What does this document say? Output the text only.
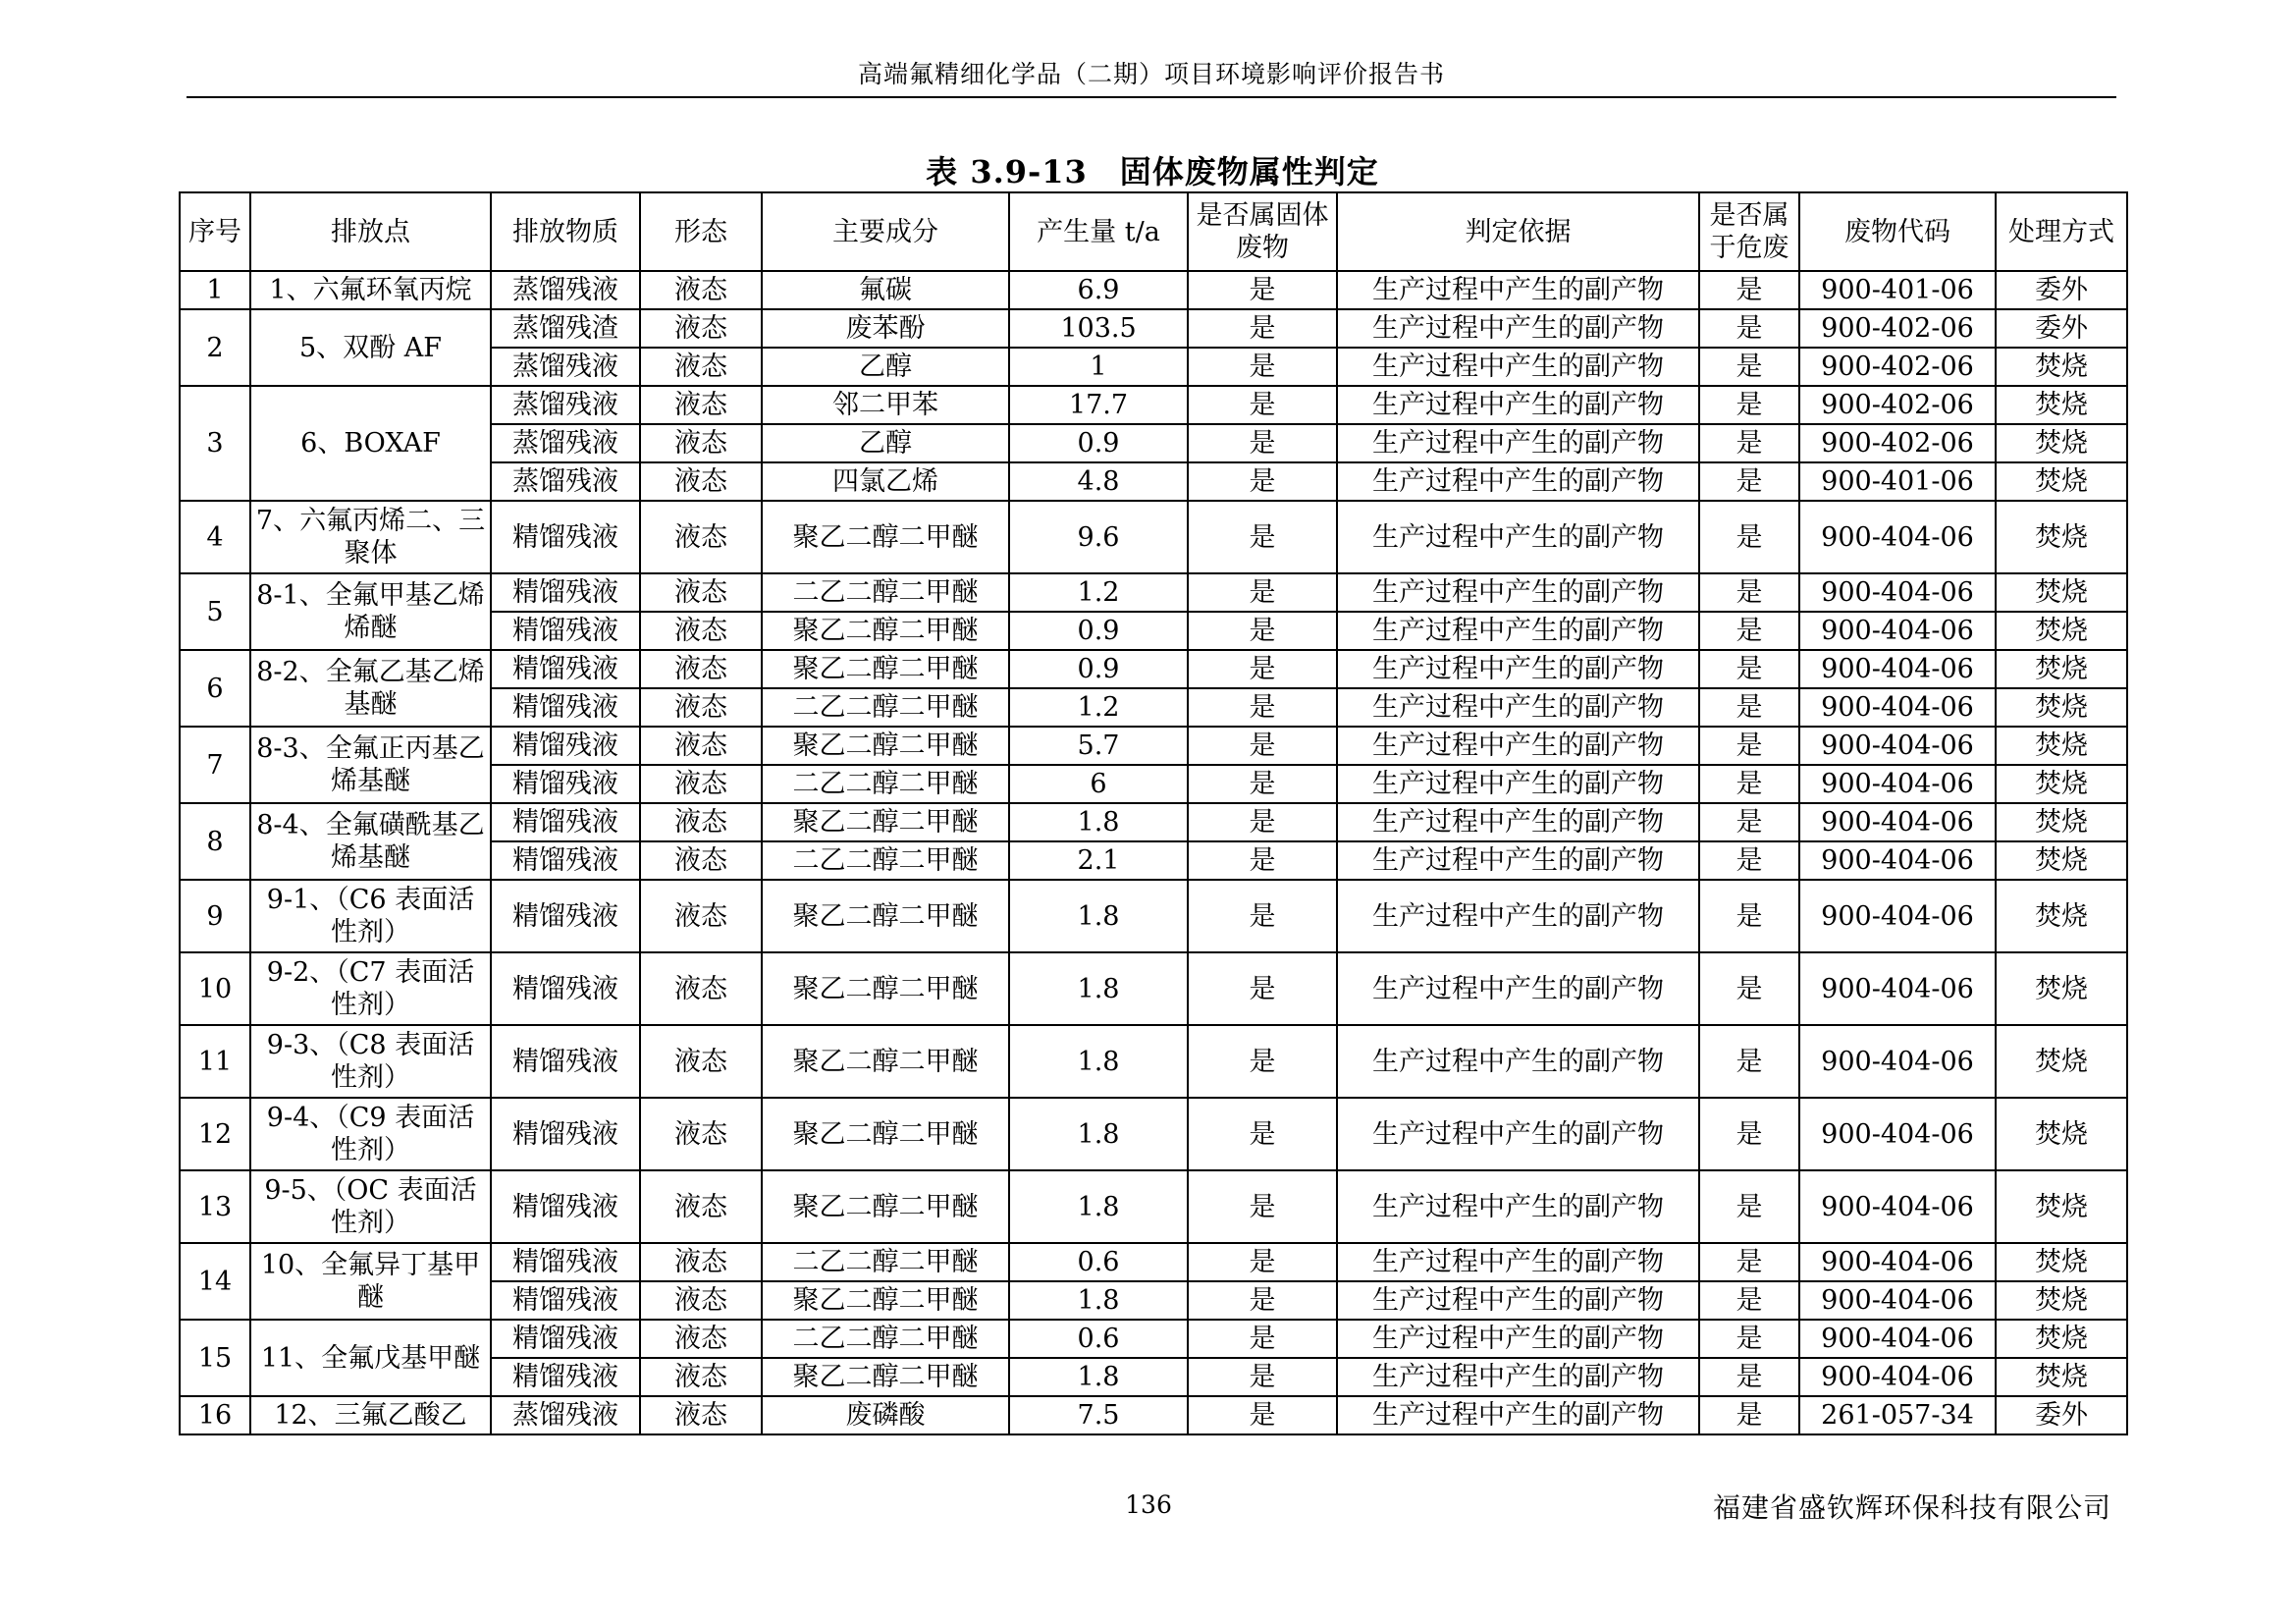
高端氟精细化学品（二期）项目环境影响评价报告书
表 3.9-13　固体废物属性判定
序号	排放点	排放物质	形态	主要成分	产生量 t/a	是否属固体废物	判定依据	是否属于危废	废物代码	处理方式
1	1、六氟环氧丙烷	蒸馏残液	液态	氟碳	6.9	是	生产过程中产生的副产物	是	900-401-06	委外
2	5、双酚 AF	蒸馏残渣	液态	废苯酚	103.5	是	生产过程中产生的副产物	是	900-402-06	委外
		蒸馏残液	液态	乙醇	1	是	生产过程中产生的副产物	是	900-402-06	焚烧
3	6、BOXAF	蒸馏残液	液态	邻二甲苯	17.7	是	生产过程中产生的副产物	是	900-402-06	焚烧
		蒸馏残液	液态	乙醇	0.9	是	生产过程中产生的副产物	是	900-402-06	焚烧
		蒸馏残液	液态	四氯乙烯	4.8	是	生产过程中产生的副产物	是	900-401-06	焚烧
4	7、六氟丙烯二、三聚体	精馏残液	液态	聚乙二醇二甲醚	9.6	是	生产过程中产生的副产物	是	900-404-06	焚烧
5	8-1、全氟甲基乙烯烯醚	精馏残液	液态	二乙二醇二甲醚	1.2	是	生产过程中产生的副产物	是	900-404-06	焚烧
		精馏残液	液态	聚乙二醇二甲醚	0.9	是	生产过程中产生的副产物	是	900-404-06	焚烧
6	8-2、全氟乙基乙烯基醚	精馏残液	液态	聚乙二醇二甲醚	0.9	是	生产过程中产生的副产物	是	900-404-06	焚烧
		精馏残液	液态	二乙二醇二甲醚	1.2	是	生产过程中产生的副产物	是	900-404-06	焚烧
7	8-3、全氟正丙基乙烯基醚	精馏残液	液态	聚乙二醇二甲醚	5.7	是	生产过程中产生的副产物	是	900-404-06	焚烧
		精馏残液	液态	二乙二醇二甲醚	6	是	生产过程中产生的副产物	是	900-404-06	焚烧
8	8-4、全氟磺酰基乙烯基醚	精馏残液	液态	聚乙二醇二甲醚	1.8	是	生产过程中产生的副产物	是	900-404-06	焚烧
		精馏残液	液态	二乙二醇二甲醚	2.1	是	生产过程中产生的副产物	是	900-404-06	焚烧
9	9-1、（C6 表面活性剂）	精馏残液	液态	聚乙二醇二甲醚	1.8	是	生产过程中产生的副产物	是	900-404-06	焚烧
10	9-2、（C7 表面活性剂）	精馏残液	液态	聚乙二醇二甲醚	1.8	是	生产过程中产生的副产物	是	900-404-06	焚烧
11	9-3、（C8 表面活性剂）	精馏残液	液态	聚乙二醇二甲醚	1.8	是	生产过程中产生的副产物	是	900-404-06	焚烧
12	9-4、（C9 表面活性剂）	精馏残液	液态	聚乙二醇二甲醚	1.8	是	生产过程中产生的副产物	是	900-404-06	焚烧
13	9-5、（OC 表面活性剂）	精馏残液	液态	聚乙二醇二甲醚	1.8	是	生产过程中产生的副产物	是	900-404-06	焚烧
14	10、全氟异丁基甲醚	精馏残液	液态	二乙二醇二甲醚	0.6	是	生产过程中产生的副产物	是	900-404-06	焚烧
		精馏残液	液态	聚乙二醇二甲醚	1.8	是	生产过程中产生的副产物	是	900-404-06	焚烧
15	11、全氟戊基甲醚	精馏残液	液态	二乙二醇二甲醚	0.6	是	生产过程中产生的副产物	是	900-404-06	焚烧
		精馏残液	液态	聚乙二醇二甲醚	1.8	是	生产过程中产生的副产物	是	900-404-06	焚烧
16	12、三氟乙酸乙	蒸馏残液	液态	废磷酸	7.5	是	生产过程中产生的副产物	是	261-057-34	委外
136	福建省盛钦辉环保科技有限公司
